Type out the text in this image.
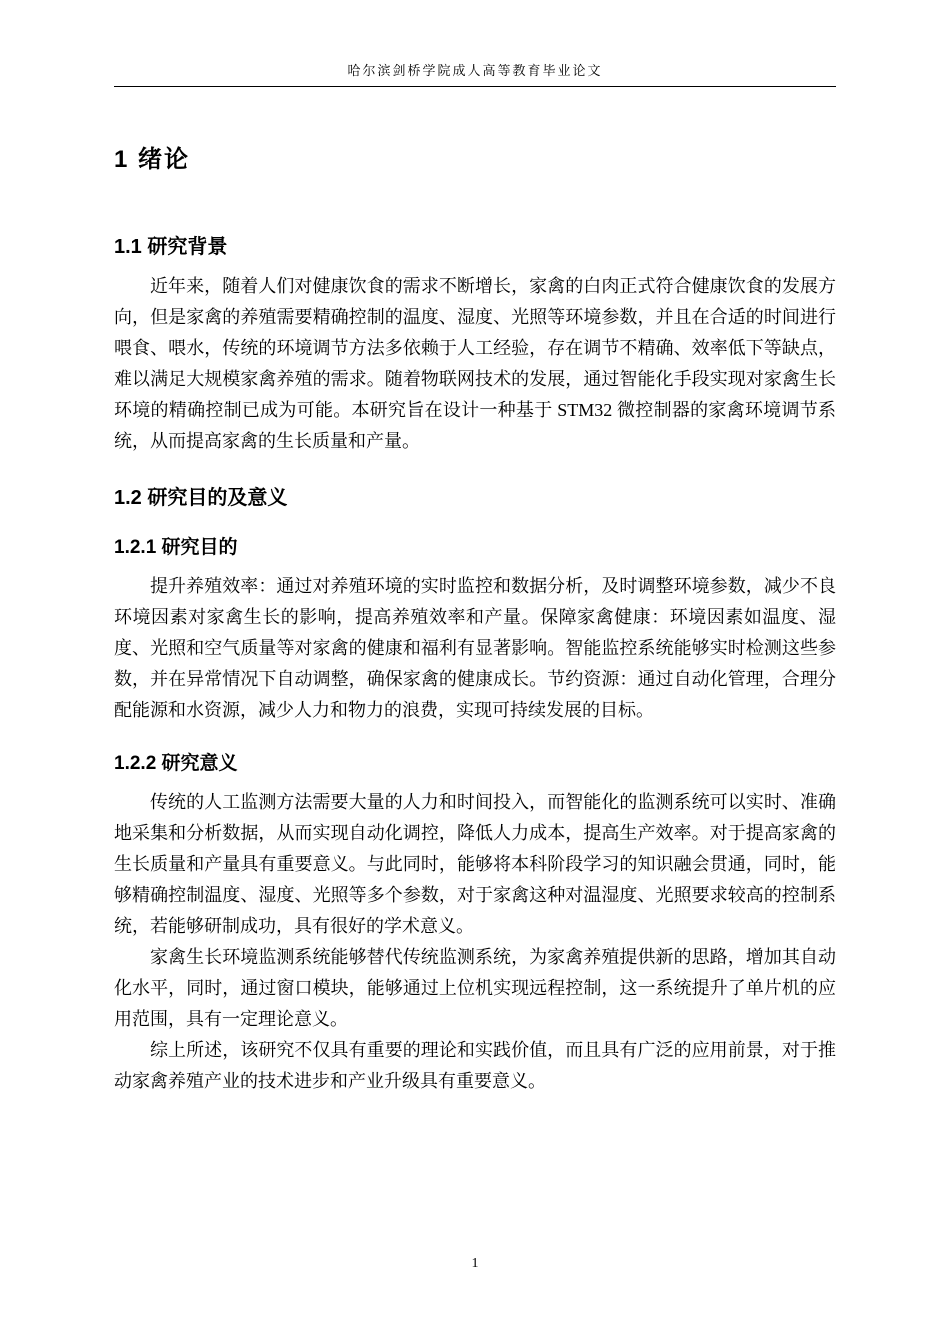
哈尔滨剑桥学院成人高等教育毕业论文
1 绪论
1.1 研究背景

近年来，随着人们对健康饮食的需求不断增长，家禽的白肉正式符合健康饮食的发展方向，但是家禽的养殖需要精确控制的温度、湿度、光照等环境参数，并且在合适的时间进行喂食、喂水，传统的环境调节方法多依赖于人工经验，存在调节不精确、效率低下等缺点，难以满足大规模家禽养殖的需求。随着物联网技术的发展，通过智能化手段实现对家禽生长环境的精确控制已成为可能。本研究旨在设计一种基于 STM32 微控制器的家禽环境调节系统，从而提高家禽的生长质量和产量。

1.2 研究目的及意义
1.2.1 研究目的

提升养殖效率：通过对养殖环境的实时监控和数据分析，及时调整环境参数，减少不良环境因素对家禽生长的影响，提高养殖效率和产量。保障家禽健康：环境因素如温度、湿度、光照和空气质量等对家禽的健康和福利有显著影响。智能监控系统能够实时检测这些参数，并在异常情况下自动调整，确保家禽的健康成长。节约资源：通过自动化管理，合理分配能源和水资源，减少人力和物力的浪费，实现可持续发展的目标。

1.2.2 研究意义

传统的人工监测方法需要大量的人力和时间投入，而智能化的监测系统可以实时、准确地采集和分析数据，从而实现自动化调控，降低人力成本，提高生产效率。对于提高家禽的生长质量和产量具有重要意义。与此同时，能够将本科阶段学习的知识融会贯通，同时，能够精确控制温度、湿度、光照等多个参数，对于家禽这种对温湿度、光照要求较高的控制系统，若能够研制成功，具有很好的学术意义。

家禽生长环境监测系统能够替代传统监测系统，为家禽养殖提供新的思路，增加其自动化水平，同时，通过窗口模块，能够通过上位机实现远程控制，这一系统提升了单片机的应用范围，具有一定理论意义。

综上所述，该研究不仅具有重要的理论和实践价值，而且具有广泛的应用前景，对于推动家禽养殖产业的技术进步和产业升级具有重要意义。

1
